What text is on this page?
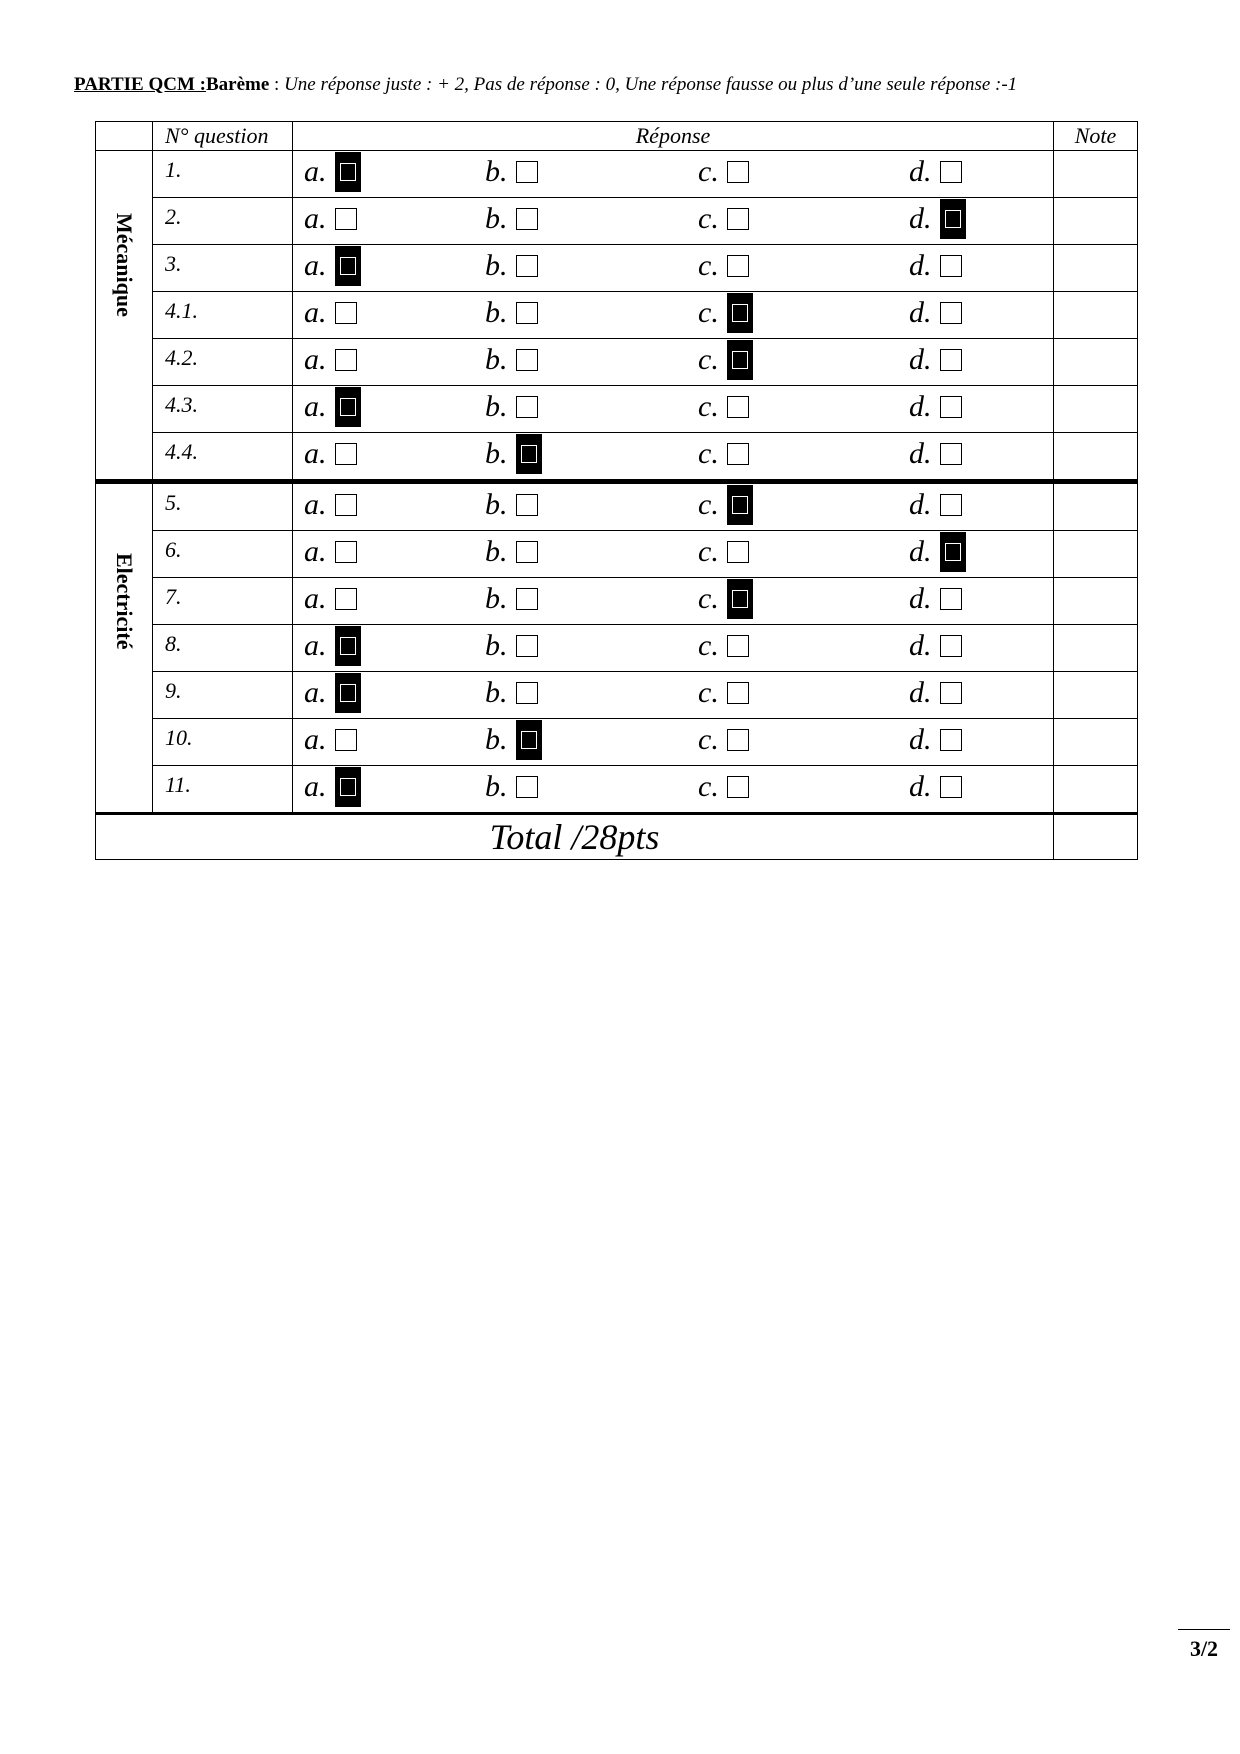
PARTIE QCM :Barème : Une réponse juste : + 2, Pas de réponse : 0, Une réponse fausse ou plus d’une seule réponse :-1
	N° question	Réponse	Note
Mécanique	1.	a. b. c. d.	

	2.	a. b. c. d.	

	3.	a. b. c. d.	

	4.1.	a. b. c. d.	

	4.2.	a. b. c. d.	

	4.3.	a. b. c. d.	

	4.4.	a. b. c. d.	

Electricité	5.	a. b. c. d.	

	6.	a. b. c. d.	

	7.	a. b. c. d.	

	8.	a. b. c. d.	

	9.	a. b. c. d.	

	10.	a. b. c. d.	

	11.	a. b. c. d.	

Total /28pts			
3/2
